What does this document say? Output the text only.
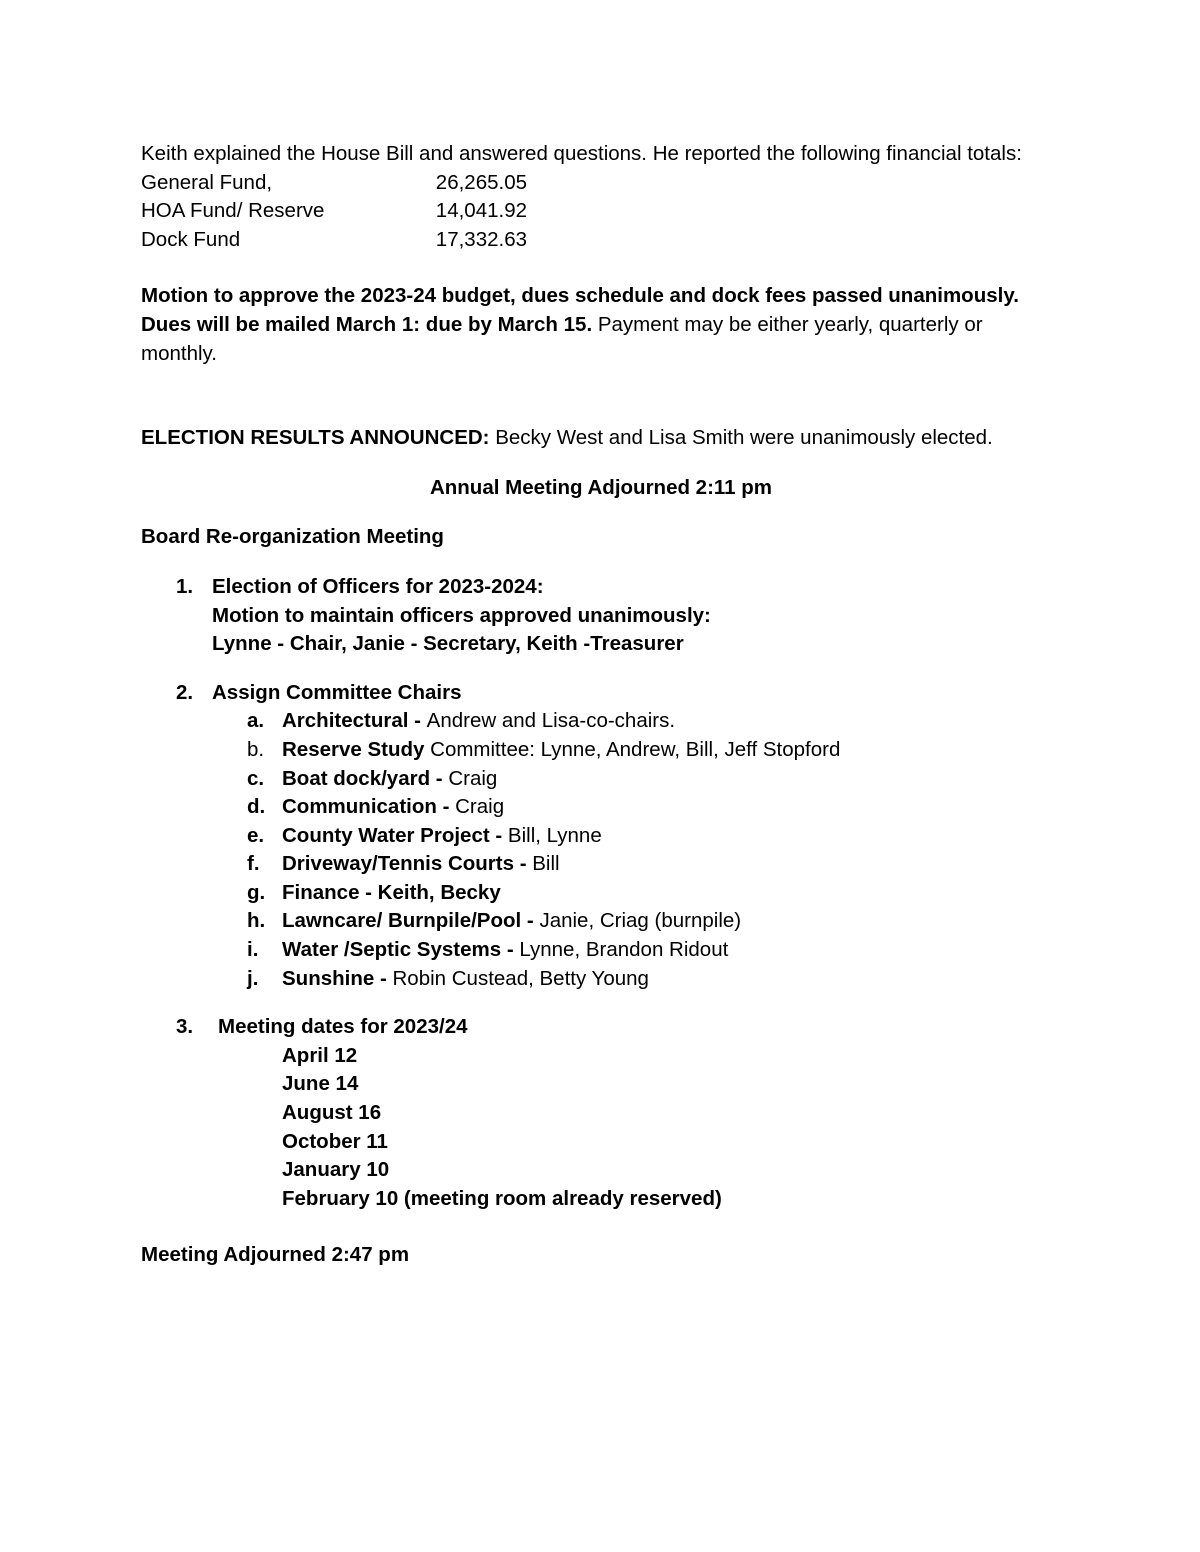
Keith explained the House Bill and answered questions. He reported the following financial totals:

General Fund,	26,265.05
HOA Fund/ Reserve	14,041.92
Dock Fund	17,332.63

Motion to approve the 2023-24 budget, dues schedule and dock fees passed unanimously.

Dues will be mailed March 1: due by March 15. Payment may be either yearly, quarterly or monthly.

ELECTION RESULTS ANNOUNCED: Becky West and Lisa Smith were unanimously elected.

Annual Meeting Adjourned 2:11 pm

Board Re-organization Meeting

1. Election of Officers for 2023-2024:
Motion to maintain officers approved unanimously:
Lynne - Chair, Janie - Secretary, Keith -Treasurer
2. Assign Committee Chairs
a. Architectural - Andrew and Lisa-co-chairs.
b. Reserve Study Committee: Lynne, Andrew, Bill, Jeff Stopford
c. Boat dock/yard - Craig
d. Communication - Craig
e. County Water Project - Bill, Lynne
f.	Driveway/Tennis Courts - Bill
g. Finance - Keith, Becky
h. Lawncare/ Burnpile/Pool - Janie, Criag (burnpile)
i.	Water /Septic Systems - Lynne, Brandon Ridout
j.	Sunshine - Robin Custead, Betty Young
3.	Meeting dates for 2023/24
April 12
June 14
August 16
October 11
January 10
February 10 (meeting room already reserved)

Meeting Adjourned 2:47 pm
